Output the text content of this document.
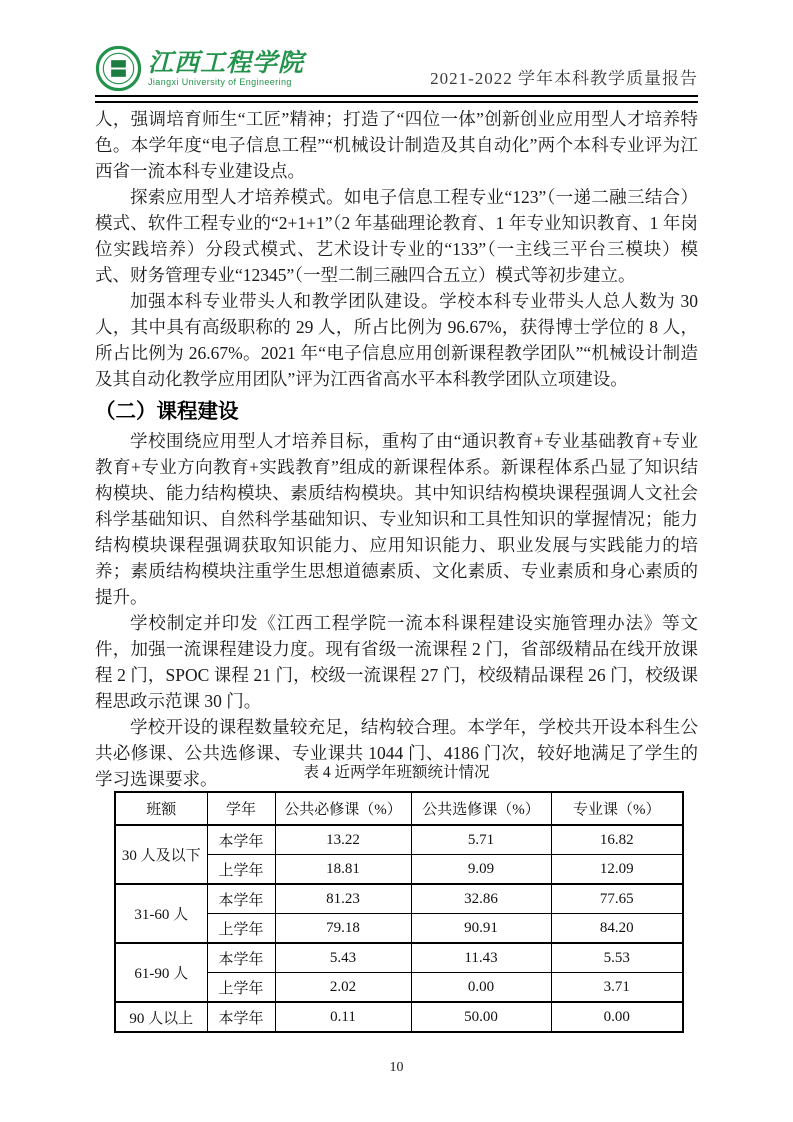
江西工程学院
Jiangxi University of Engineering	2021-2022 学年本科教学质量报告

人，强调培育师生“工匠”精神；打造了“四位一体”创新创业应用型人才培养特色。本学年度“电子信息工程”“机械设计制造及其自动化”两个本科专业评为江西省一流本科专业建设点。

探索应用型人才培养模式。如电子信息工程专业“123”（一递二融三结合）模式、软件工程专业的“2+1+1”（2 年基础理论教育、1 年专业知识教育、1 年岗位实践培养）分段式模式、艺术设计专业的“133”（一主线三平台三模块）模式、财务管理专业“12345”（一型二制三融四合五立）模式等初步建立。

加强本科专业带头人和教学团队建设。学校本科专业带头人总人数为 30 人，其中具有高级职称的 29 人，所占比例为 96.67%，获得博士学位的 8 人，所占比例为 26.67%。2021 年“电子信息应用创新课程教学团队”“机械设计制造及其自动化教学应用团队”评为江西省高水平本科教学团队立项建设。

（二）课程建设

学校围绕应用型人才培养目标，重构了由“通识教育+专业基础教育+专业教育+专业方向教育+实践教育”组成的新课程体系。新课程体系凸显了知识结构模块、能力结构模块、素质结构模块。其中知识结构模块课程强调人文社会科学基础知识、自然科学基础知识、专业知识和工具性知识的掌握情况；能力结构模块课程强调获取知识能力、应用知识能力、职业发展与实践能力的培养；素质结构模块注重学生思想道德素质、文化素质、专业素质和身心素质的提升。

学校制定并印发《江西工程学院一流本科课程建设实施管理办法》等文件，加强一流课程建设力度。现有省级一流课程 2 门，省部级精品在线开放课程 2 门，SPOC 课程 21 门，校级一流课程 27 门，校级精品课程 26 门，校级课程思政示范课 30 门。

学校开设的课程数量较充足，结构较合理。本学年，学校共开设本科生公共必修课、公共选修课、专业课共 1044 门、4186 门次，较好地满足了学生的学习选课要求。	表 4 近两学年班额统计情况
班额	学年	公共必修课（%）	公共选修课（%）	专业课（%）
30 人及以下	本学年	13.22	5.71	16.82
	上学年	18.81	9.09	12.09
31-60 人	本学年	81.23	32.86	77.65
	上学年	79.18	90.91	84.20
61-90 人	本学年	5.43	11.43	5.53
	上学年	2.02	0.00	3.71
90 人以上	本学年	0.11	50.00	0.00
10
